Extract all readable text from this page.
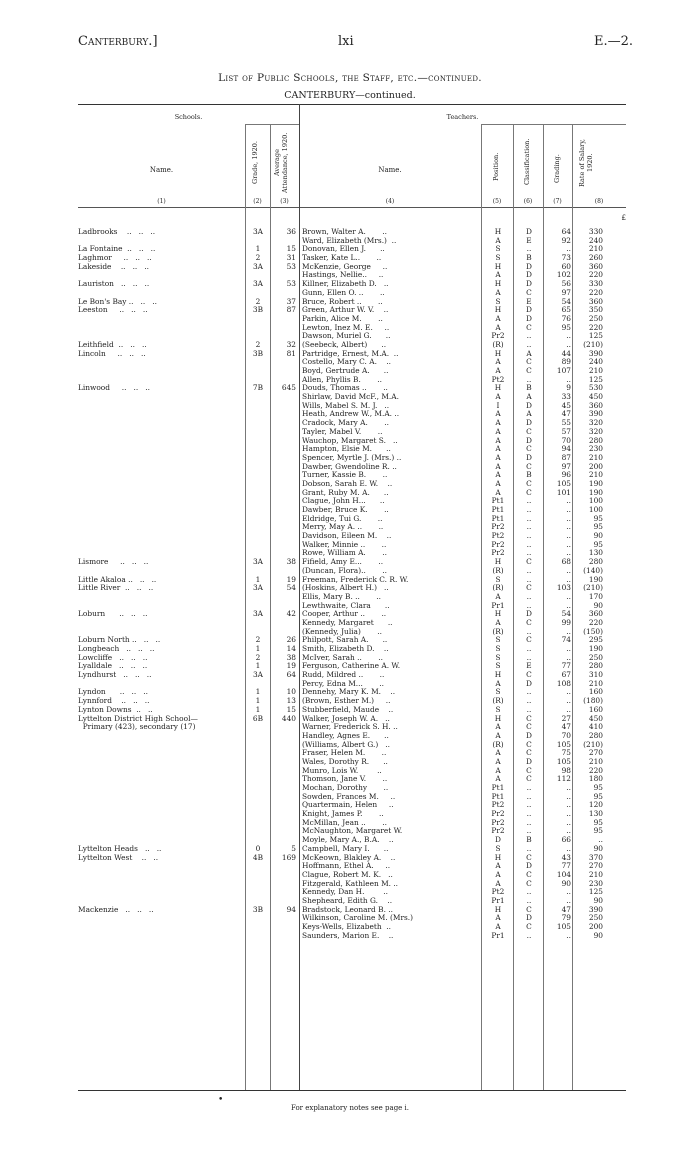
Canterbury.]	lxi	E.—2.
List of Public Schools, the Staff, etc.—continued.
CANTERBURY—continued.
Schools.	Teachers.
Name.	Grade, 1920. Average Attendance, 1920.	Name.	Position.	Classification.	Grading.	Rate of Salary, 1920.
(1)	(2)	(3)	(4)	(5)	(6)	(7)	(8)
£
Ladbrooks    ..   ..   ..	3A	36 Brown, Walter A.       ..	H	D	64	330
Ward, Elizabeth (Mrs.)  ..	A	E	92	240
La Fontaine  ..   ..   ..	1	15 Donovan, Ellen J.      ..	S	..	..	210
Laghmor     ..   ..   ..	2	31 Tasker, Kate L..       ..	S	B	73	260
Lakeside    ..   ..   ..	3A	53 McKenzie, George     ..	H	D	60	360
Hastings, Nellie..     ..	A	D	102	220
Lauriston   ..   ..   ..	3A	53 Killner, Elizabeth D.   ..	H	D	56	330
Gunn, Ellen O. ..       ..	A	C	97	220
Le Bon's Bay ..   ..   ..	2	37 Bruce, Robert ..       ..	S	E	54	360
Leeston     ..   ..   ..	3B	87 Green, Arthur W. V.    ..	H	D	65	350
Parkin, Alice M.       ..	A	D	76	250
Lewton, Inez M. E.     ..	A	C	95	220
Dawson, Muriel G.      ..	Pr2	..	..	125
Leithfield  ..   ..   ..	2	32 (Seebeck, Albert)      ..	(R)	..	..	(210)
Lincoln     ..   ..   ..	3B	81 Partridge, Ernest, M.A.  ..	H	A	44	390
Costello, Mary C. A.    ..	A	C	89	240
Boyd, Gertrude A.      ..	A	C	107	210
Allen, Phyllis B.       ..	Pt2	..	..	125
Linwood     ..   ..   ..	7B	645 Douds, Thomas ..       ..	H	B	9	530
Shirlaw, David McF., M.A.	A	A	33	450
Wills, Mabel S. M. J.   ..	I	D	45	360
Heath, Andrew W., M.A. ..	A	A	47	390
Cradock, Mary A.       ..	A	D	55	320
Tayler, Mabel V.       ..	A	C	57	320
Wauchop, Margaret S.   ..	A	D	70	280
Hampton, Elsie M.      ..	A	C	94	230
Spencer, Myrtle J. (Mrs.) ..	A	D	87	210
Dawber, Gwendoline R. ..	A	C	97	200
Turner, Kassie B.       ..	A	B	96	210
Dobson, Sarah E. W.    ..	A	C	105	190
Grant, Ruby M. A.      ..	A	C	101	190
Clague, John H...      ..	Pt1	..	..	100
Dawber, Bruce K.       ..	Pt1	..	..	100
Eldridge, Tui G.       ..	Pt1	..	..	95
Merry, May A. ..       ..	Pr2	..	..	95
Davidson, Eileen M.    ..	Pt2	..	..	90
Walker, Minnie ..       ..	Pr2	..	..	95
Rowe, William A.       ..	Pr2	..	..	130
Lismore     ..   ..   ..	3A	38 Fifield, Amy E...       ..	H	C	68	280
(Duncan, Flora)..       ..	(R)	..	..	(140)
Little Akaloa ..   ..   ..	1	19 Freeman, Frederick C. R. W.	S	..	..	190
Little River  ..   ..   ..	3A	54 (Hoskins, Albert H.)   ..	(R)	C	103	(210)
Ellis, Mary B. ..       ..	A	..	..	170
Lewthwaite, Clara      ..	Pr1	..	..	90
Loburn      ..   ..   ..	3A	42 Cooper, Arthur ..       ..	H	D	54	360
Kennedy, Margaret      ..	A	C	99	220
(Kennedy, Julia)       ..	(R)	..	..	(150)
Loburn North ..   ..   ..	2	26 Philpott, Sarah A.      ..	S	C	74	295
Longbeach   ..   ..   ..	1	14 Smith, Elizabeth D.    ..	S	..	..	190
Lowcliffe   ..   ..   ..	2	38 McIver, Sarah ..       ..	S	..	..	250
Lyalldale   ..   ..   ..	1	19 Ferguson, Catherine A. W.	S	E	77	280
Lyndhurst   ..   ..   ..	3A	64 Rudd, Mildred ..       ..	H	C	67	310
Percy, Edna M...       ..	A	D	108	210
Lyndon      ..   ..   ..	1	10 Dennehy, Mary K. M.    ..	S	..	..	160
Lynnford    ..   ..   ..	1	13 (Brown, Esther M.)     ..	(R)	..	..	(180)
Lynton Downs  ..   ..	1	15 Stubberfield, Maude    ..	S	..	..	160
Lyttelton District High School—	6B	440 Walker, Joseph W. A.   ..	H	C	27	450
Primary (423), secondary (17)	Warner, Frederick S. H. ..	A	C	47	410
Handley, Agnes E.      ..	A	D	70	280
(Williams, Albert G.)   ..	(R)	C	105	(210)
Fraser, Helen M.       ..	A	C	75	270
Wales, Dorothy R.      ..	A	D	105	210
Munro, Lois W.        ..	A	C	98	220
Thomson, Jane V.       ..	A	C	112	180
Mochan, Dorothy       ..	Pt1	..	..	95
Sowden, Frances M.     ..	Pt1	..	..	95
Quartermain, Helen     ..	Pt2	..	..	120
Knight, James P.       ..	Pr2	..	..	130
McMillan, Jean ..       ..	Pr2	..	..	95
McNaughton, Margaret W.	Pr2	..	..	95
Moyle, Mary A., B.A.    ..	D	B	66	..
Lyttelton Heads   ..   ..	0	5 Campbell, Mary I.      ..	S	..	..	90
Lyttelton West    ..   ..	4B	169 McKeown, Blakley A.    ..	H	C	43	370
Hoffmann, Ethel A.     ..	A	D	77	270
Clague, Robert M. K.   ..	A	C	104	210
Fitzgerald, Kathleen M. ..	A	C	90	230
Kennedy, Dan H.        ..	Pt2	..	..	125
Shepheard, Edith G.    ..	Pr1	..	..	90
Mackenzie   ..   ..   ..	3B	94 Bradstock, Leonard B. ..	H	C	47	390
Wilkinson, Caroline M. (Mrs.)	A	D	79	250
Keys-Wells, Elizabeth  ..	A	C	105	200
Saunders, Marion E.    ..	Pr1	..	..	90
•
For explanatory notes see page i.
